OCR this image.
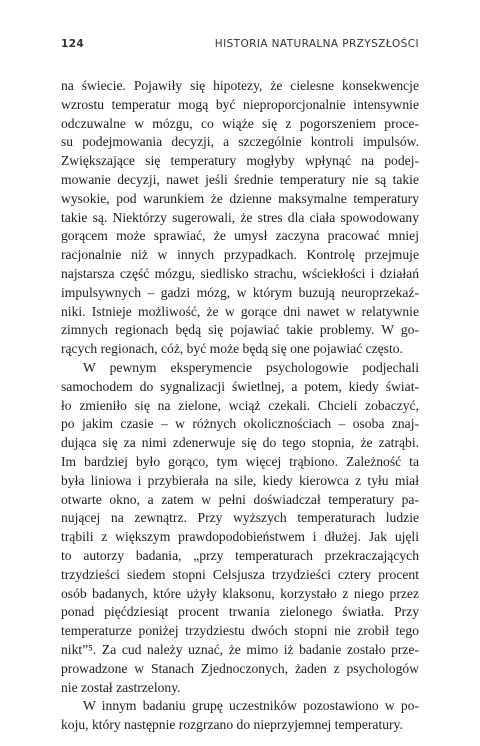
124	HISTORIA NATURALNA PRZYSZŁOŚCI

na świecie. Pojawiły się hipotezy, że cielesne konsekwencje
wzrostu temperatur mogą być nieproporcjonalnie intensywnie
odczuwalne w mózgu, co wiąże się z pogorszeniem proce-
su podejmowania decyzji, a szczególnie kontroli impulsów.
Zwiększające się temperatury mogłyby wpłynąć na podej-
mowanie decyzji, nawet jeśli średnie temperatury nie są takie
wysokie, pod warunkiem że dzienne maksymalne temperatury
takie są. Niektórzy sugerowali, że stres dla ciała spowodowany
gorącem może sprawiać, że umysł zaczyna pracować mniej
racjonalnie niż w innych przypadkach. Kontrolę przejmuje
najstarsza część mózgu, siedlisko strachu, wściekłości i działań
impulsywnych – gadzi mózg, w którym buzują neuroprzekaź-
niki. Istnieje możliwość, że w gorące dni nawet w relatywnie
zimnych regionach będą się pojawiać takie problemy. W go-
rących regionach, cóż, być może będą się one pojawiać często.

W pewnym eksperymencie psychologowie podjechali
samochodem do sygnalizacji świetlnej, a potem, kiedy świat-
ło zmieniło się na zielone, wciąż czekali. Chcieli zobaczyć,
po jakim czasie – w różnych okolicznościach – osoba znaj-
dująca się za nimi zdenerwuje się do tego stopnia, że zatrąbi.
Im bardziej było gorąco, tym więcej trąbiono. Zależność ta
była liniowa i przybierała na sile, kiedy kierowca z tyłu miał
otwarte okno, a zatem w pełni doświadczał temperatury pa-
nującej na zewnątrz. Przy wyższych temperaturach ludzie
trąbili z większym prawdopodobieństwem i dłużej. Jak ujęli
to autorzy badania, „przy temperaturach przekraczających
trzydzieści siedem stopni Celsjusza trzydzieści cztery procent
osób badanych, które użyły klaksonu, korzystało z niego przez
ponad pięćdziesiąt procent trwania zielonego światła. Przy
temperaturze poniżej trzydziestu dwóch stopni nie zrobił tego
nikt”⁵. Za cud należy uznać, że mimo iż badanie zostało prze-
prowadzone w Stanach Zjednoczonych, żaden z psychologów
nie został zastrzelony.

W innym badaniu grupę uczestników pozostawiono w po-
koju, który następnie rozgrzano do nieprzyjemnej temperatury.
